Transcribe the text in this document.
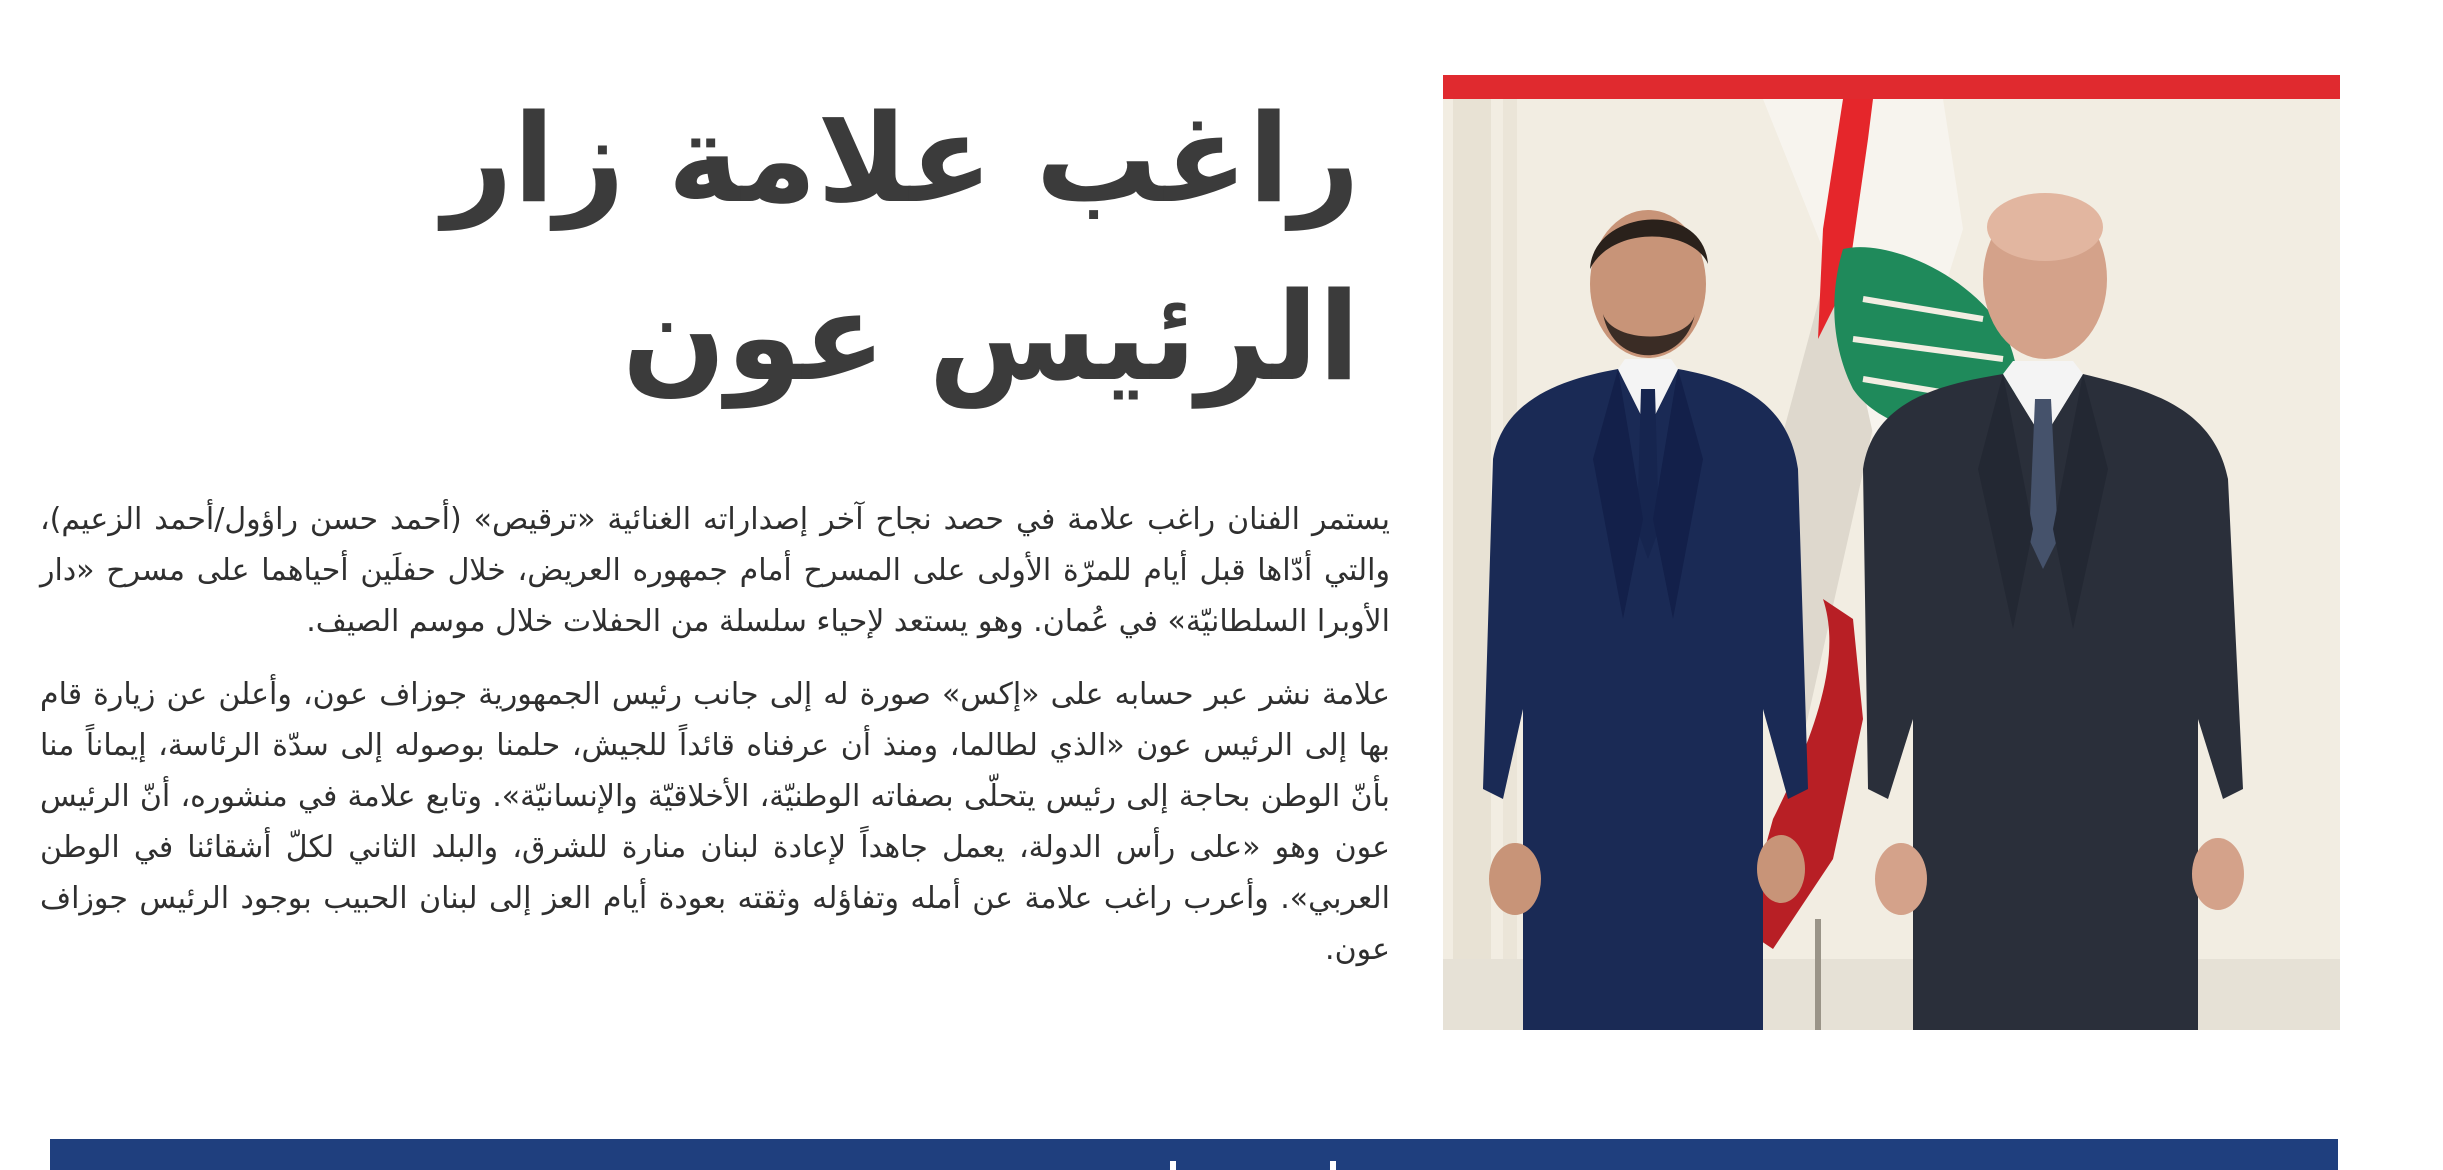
راغب علامة زار
الرئيس عون

يستمر الفنان راغب علامة في حصد نجاح آخر إصداراته الغنائية «ترقيص» (أحمد حسن راؤول/أحمد الزعيم)، والتي أدّاها قبل أيام للمرّة الأولى على المسرح أمام جمهوره العريض، خلال حفلَين أحياهما على مسرح «دار الأوبرا السلطانيّة» في عُمان. وهو يستعد لإحياء سلسلة من الحفلات خلال موسم الصيف.

علامة نشر عبر حسابه على «إكس» صورة له إلى جانب رئيس الجمهورية جوزاف عون، وأعلن عن زيارة قام بها إلى الرئيس عون «الذي لطالما، ومنذ أن عرفناه قائداً للجيش، حلمنا بوصوله إلى سدّة الرئاسة، إيماناً منا بأنّ الوطن بحاجة إلى رئيس يتحلّى بصفاته الوطنيّة، الأخلاقيّة والإنسانيّة». وتابع علامة في منشوره، أنّ الرئيس عون وهو «على رأس الدولة، يعمل جاهداً لإعادة لبنان منارة للشرق، والبلد الثاني لكلّ أشقائنا في الوطن العربي». وأعرب راغب علامة عن أمله وتفاؤله وثقته بعودة أيام العز إلى لبنان الحبيب بوجود الرئيس جوزاف عون.
